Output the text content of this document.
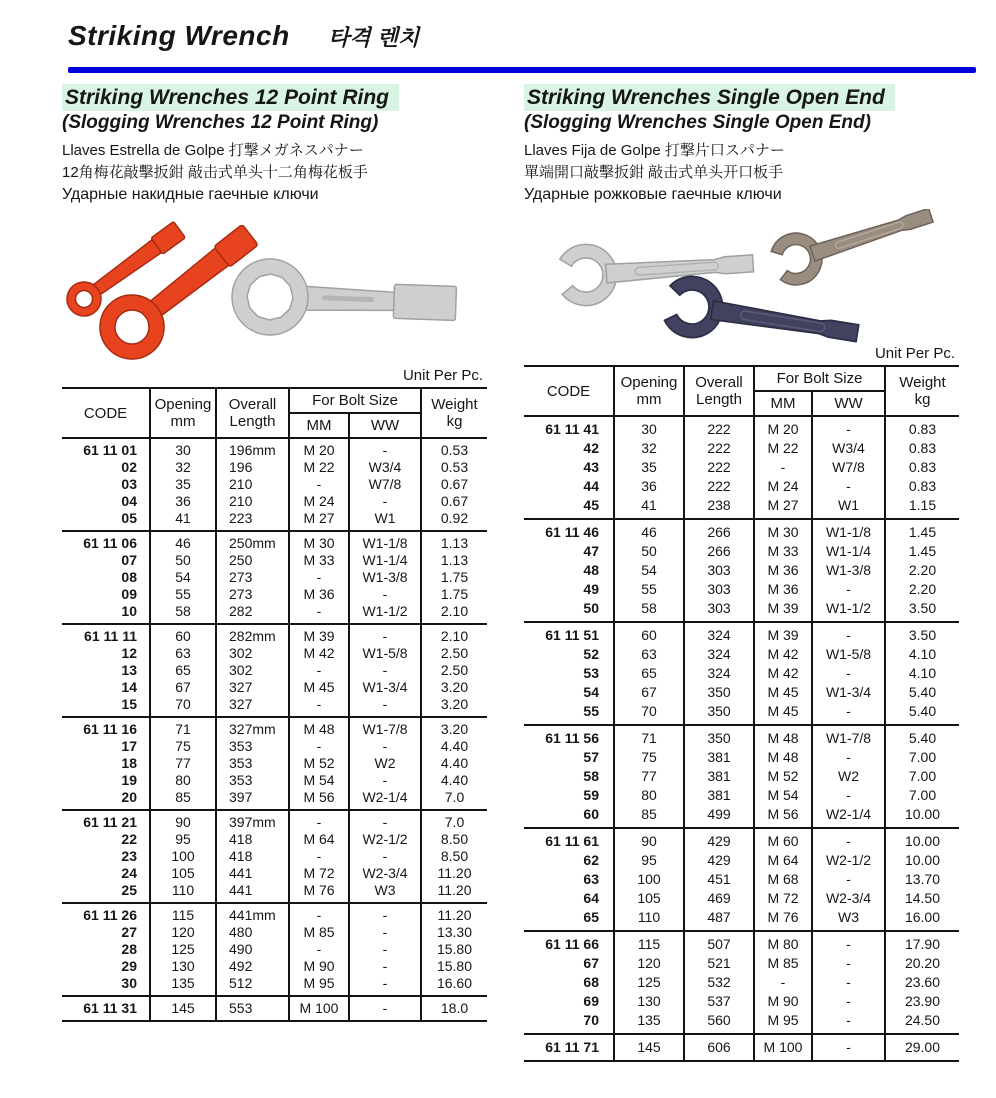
Striking Wrench 타격 렌치
Striking Wrenches 12 Point Ring
(Slogging Wrenches 12 Point Ring)

Llaves Estrella de Golpe 打撃メガネスパナー

12角梅花敲擊扳鉗 敲击式单头十二角梅花板手

Ударные накидные гаечные ключи

Unit Per Pc.
CODE	Opening
mm

Overall
Length
	For Bolt Size	Weight
kg

			MM	WW	
61 11 01	30	196mm	M 20	-	0.53
02	32	196	M 22	W3/4	0.53
03	35	210	-	W7/8	0.67
04	36	210	M 24	-	0.67
05	41	223	M 27	W1	0.92
61 11 06	46	250mm	M 30	W1-1/8	1.13
07	50	250	M 33	W1-1/4	1.13
08	54	273	-	W1-3/8	1.75
09	55	273	M 36	-	1.75
10	58	282	-	W1-1/2	2.10
61 11 11	60	282mm	M 39	-	2.10
12	63	302	M 42	W1-5/8	2.50
13	65	302	-	-	2.50
14	67	327	M 45	W1-3/4	3.20
15	70	327	-	-	3.20
61 11 16	71	327mm	M 48	W1-7/8	3.20
17	75	353	-	-	4.40
18	77	353	M 52	W2	4.40
19	80	353	M 54	-	4.40
20	85	397	M 56	W2-1/4	7.0
61 11 21	90	397mm	-	-	7.0
22	95	418	M 64	W2-1/2	8.50
23	100	418	-	-	8.50
24	105	441	M 72	W2-3/4	11.20
25	110	441	M 76	W3	11.20
61 11 26	115	441mm	-	-	11.20
27	120	480	M 85	-	13.30
28	125	490	-	-	15.80
29	130	492	M 90	-	15.80
30	135	512	M 95	-	16.60
61 11 31	145	553	M 100	-	18.0
Striking Wrenches Single Open End
(Slogging Wrenches Single Open End)

Llaves Fija de Golpe 打撃片口スパナー

單端開口敲擊扳鉗 敲击式单头开口板手

Ударные рожковые гаечные ключи

Unit Per Pc.
CODE	Opening
mm

Overall
Length
	For Bolt Size	Weight
kg

			MM	WW	
61 11 41	30	222	M 20	-	0.83
42	32	222	M 22	W3/4	0.83
43	35	222	-	W7/8	0.83
44	36	222	M 24	-	0.83
45	41	238	M 27	W1	1.15
61 11 46	46	266	M 30	W1-1/8	1.45
47	50	266	M 33	W1-1/4	1.45
48	54	303	M 36	W1-3/8	2.20
49	55	303	M 36	-	2.20
50	58	303	M 39	W1-1/2	3.50
61 11 51	60	324	M 39	-	3.50
52	63	324	M 42	W1-5/8	4.10
53	65	324	M 42	-	4.10
54	67	350	M 45	W1-3/4	5.40
55	70	350	M 45	-	5.40
61 11 56	71	350	M 48	W1-7/8	5.40
57	75	381	M 48	-	7.00
58	77	381	M 52	W2	7.00
59	80	381	M 54	-	7.00
60	85	499	M 56	W2-1/4	10.00
61 11 61	90	429	M 60	-	10.00
62	95	429	M 64	W2-1/2	10.00
63	100	451	M 68	-	13.70
64	105	469	M 72	W2-3/4	14.50
65	110	487	M 76	W3	16.00
61 11 66	115	507	M 80	-	17.90
67	120	521	M 85	-	20.20
68	125	532	-	-	23.60
69	130	537	M 90	-	23.90
70	135	560	M 95	-	24.50
61 11 71	145	606	M 100	-	29.00
